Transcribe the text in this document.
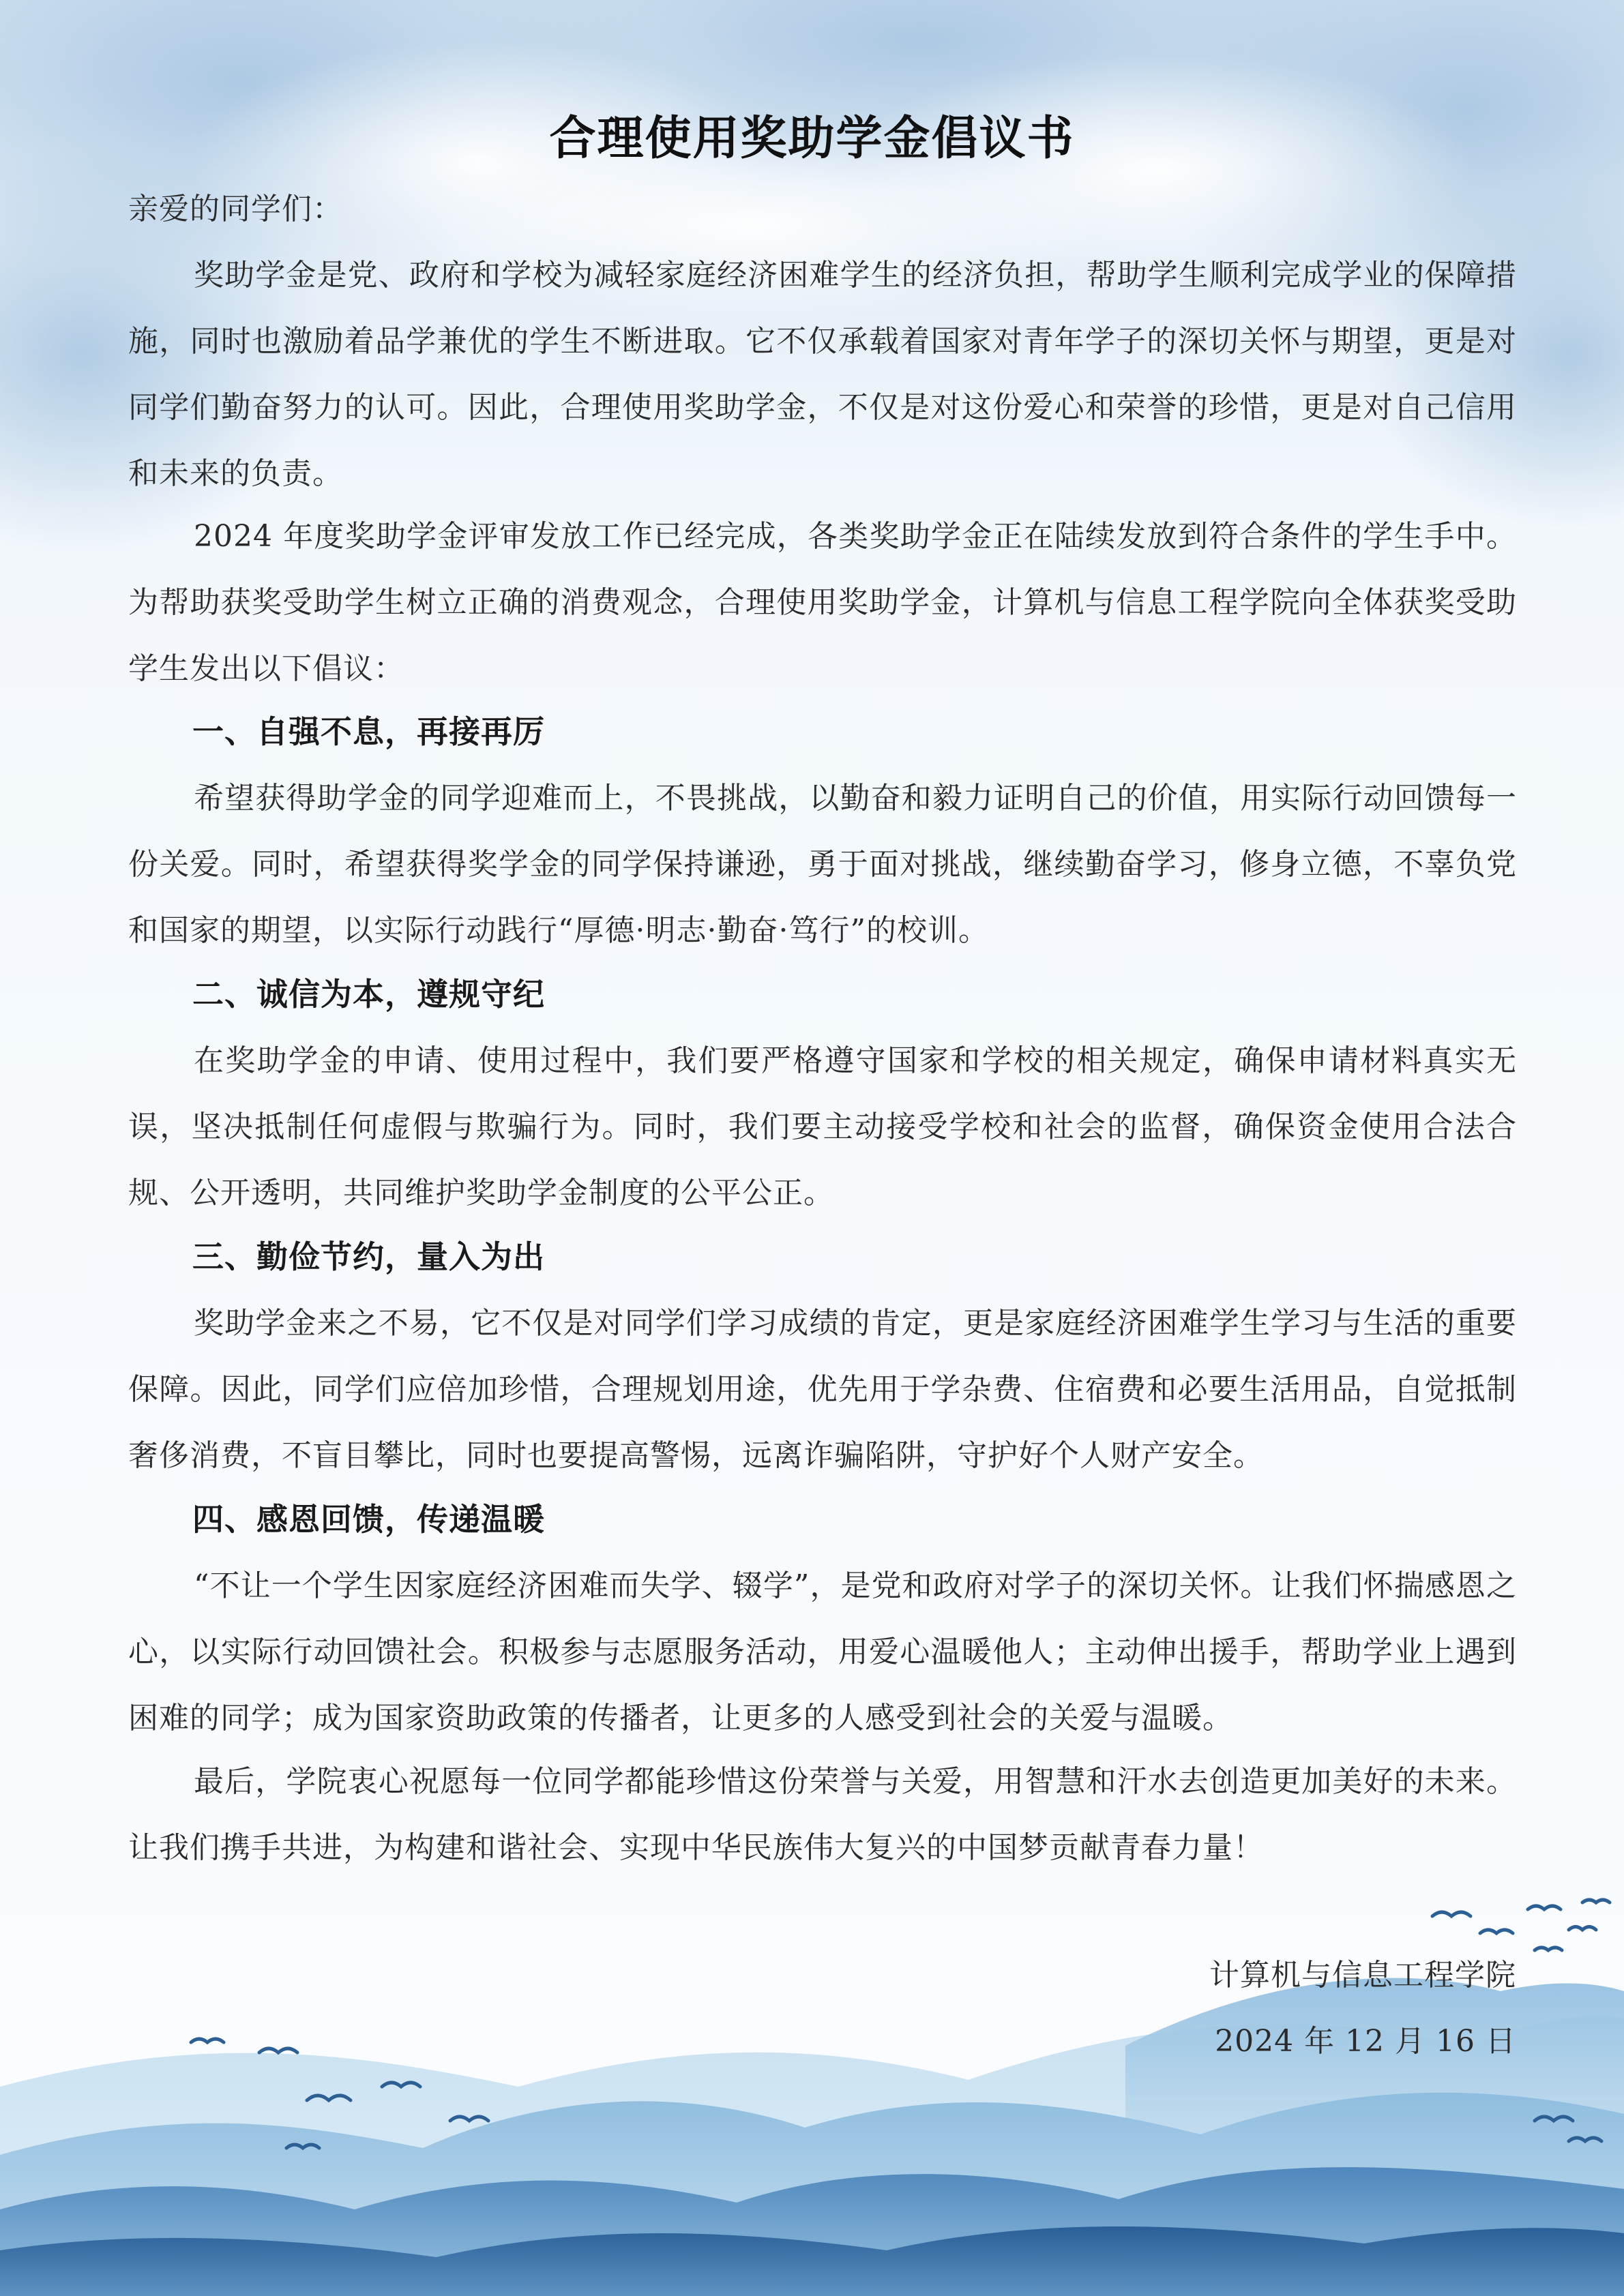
合理使用奖助学金倡议书

亲爱的同学们：

奖助学金是党、政府和学校为减轻家庭经济困难学生的经济负担，帮助学生顺利完成学业的保障措施，同时也激励着品学兼优的学生不断进取。它不仅承载着国家对青年学子的深切关怀与期望，更是对同学们勤奋努力的认可。因此，合理使用奖助学金，不仅是对这份爱心和荣誉的珍惜，更是对自己信用和未来的负责。

2024 年度奖助学金评审发放工作已经完成，各类奖助学金正在陆续发放到符合条件的学生手中。为帮助获奖受助学生树立正确的消费观念，合理使用奖助学金，计算机与信息工程学院向全体获奖受助学生发出以下倡议：

一、自强不息，再接再厉

希望获得助学金的同学迎难而上，不畏挑战，以勤奋和毅力证明自己的价值，用实际行动回馈每一份关爱。同时，希望获得奖学金的同学保持谦逊，勇于面对挑战，继续勤奋学习，修身立德，不辜负党和国家的期望，以实际行动践行“厚德·明志·勤奋·笃行”的校训。

二、诚信为本，遵规守纪

在奖助学金的申请、使用过程中，我们要严格遵守国家和学校的相关规定，确保申请材料真实无误，坚决抵制任何虚假与欺骗行为。同时，我们要主动接受学校和社会的监督，确保资金使用合法合规、公开透明，共同维护奖助学金制度的公平公正。

三、勤俭节约，量入为出

奖助学金来之不易，它不仅是对同学们学习成绩的肯定，更是家庭经济困难学生学习与生活的重要保障。因此，同学们应倍加珍惜，合理规划用途，优先用于学杂费、住宿费和必要生活用品，自觉抵制奢侈消费，不盲目攀比，同时也要提高警惕，远离诈骗陷阱，守护好个人财产安全。

四、感恩回馈，传递温暖

“不让一个学生因家庭经济困难而失学、辍学”，是党和政府对学子的深切关怀。让我们怀揣感恩之心，以实际行动回馈社会。积极参与志愿服务活动，用爱心温暖他人；主动伸出援手，帮助学业上遇到困难的同学；成为国家资助政策的传播者，让更多的人感受到社会的关爱与温暖。

最后，学院衷心祝愿每一位同学都能珍惜这份荣誉与关爱，用智慧和汗水去创造更加美好的未来。让我们携手共进，为构建和谐社会、实现中华民族伟大复兴的中国梦贡献青春力量！

计算机与信息工程学院

2024 年 12 月 16 日
